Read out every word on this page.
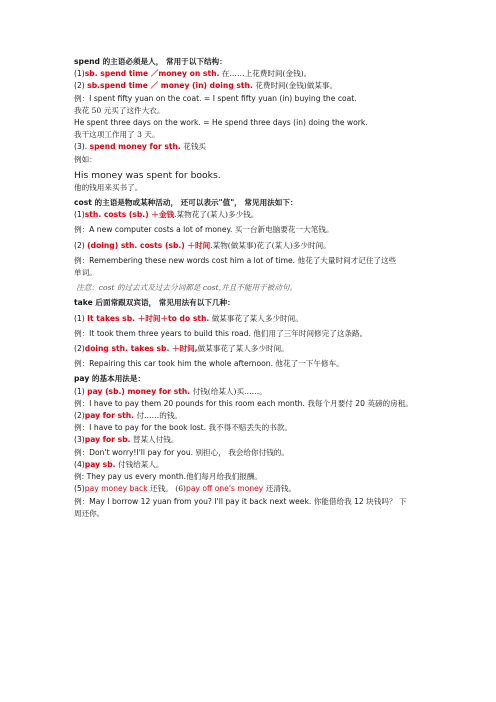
spend 的主语必须是人， 常用于以下结构：

(1)sb. spend time ／money on sth. 在……上花费时间(金钱)。

(2) sb.spend time ／ money (in) doing sth. 花费时间(金钱)做某事。

例：I spent fifty yuan on the coat. = I spent fifty yuan (in) buying the coat.

我花 50 元买了这件大衣。

He spent three days on the work. = He spend three days (in) doing the work.

我干这项工作用了 3 天。

(3). spend money for sth. 花钱买

例如：

His money was spent for books.

他的钱用来买书了。

cost 的主语是物或某种活动， 还可以表示"值"， 常见用法如下：

(1)sth. costs (sb.) ＋金钱.某物花了(某人)多少钱。

例：A new computer costs a lot of money. 买一台新电脑要花一大笔钱。

(2) (doing) sth. costs (sb.) ＋时间.某物(做某事)花了(某人)多少时间。

例：Remembering these new words cost him a lot of time. 他花了大量时间才记住了这些

单词。

注意：cost 的过去式及过去分词都是 cost,并且不能用于被动句。

take 后面常跟双宾语， 常见用法有以下几种：

(1) It takes sb. ＋时间＋to do sth. 做某事花了某人多少时间。

例：It took them three years to build this road. 他们用了三年时间修完了这条路。

(2)doing sth. takes sb. ＋时间,做某事花了某人多少时间。

例：Repairing this car took him the whole afternoon. 他花了一下午修车。

pay 的基本用法是：

(1) pay (sb.) money for sth. 付钱(给某人)买……。

例：I have to pay them 20 pounds for this room each month. 我每个月要付 20 英磅的房租。

(2)pay for sth. 付……的钱。

例：I have to pay for the book lost. 我不得不赔丢失的书款。

(3)pay for sb. 替某人付钱。

例：Don't worry!I'll pay for you. 别担心， 我会给你付钱的。

(4)pay sb. 付钱给某人。

例: They pay us every month.他们每月给我们报酬。

(5)pay money back 还钱。 (6)pay off one's money 还清钱。

例：May I borrow 12 yuan from you? I'll pay it back next week. 你能借给我 12 块钱吗？ 下

周还你。
